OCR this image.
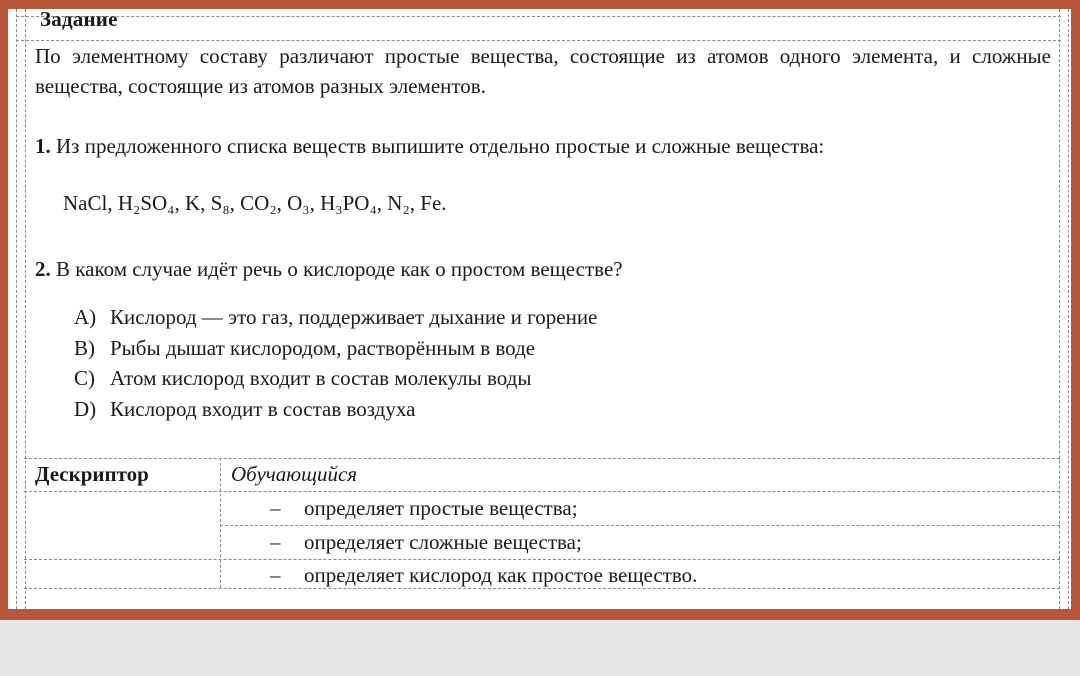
Задание
По элементному составу различают простые вещества, состоящие из атомов одного элемента, и сложные вещества, состоящие из атомов разных элементов.
1. Из предложенного списка веществ выпишите отдельно простые и сложные вещества:
NaCl, H₂SO₄, K, S₈, CO₂, O₃, H₃PO₄, N₂, Fe.
2. В каком случае идёт речь о кислороде как о простом веществе?
A) Кислород — это газ, поддерживает дыхание и горение
B) Рыбы дышат кислородом, растворённым в воде
C) Атом кислород входит в состав молекулы воды
D) Кислород входит в состав воздуха
Дескриптор	Обучающийся
– определяет простые вещества;
– определяет сложные вещества;
– определяет кислород как простое вещество.
